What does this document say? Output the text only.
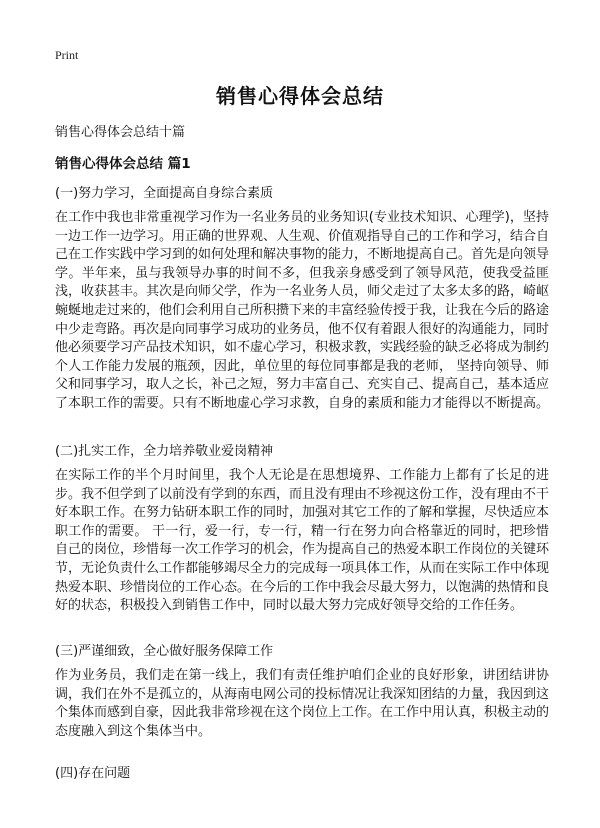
Print
销售心得体会总结

销售心得体会总结十篇

销售心得体会总结 篇1

(一)努力学习，全面提高自身综合素质

在工作中我也非常重视学习作为一名业务员的业务知识(专业技术知识、心理学)，坚持一边工作一边学习。用正确的世界观、人生观、价值观指导自己的工作和学习，结合自己在工作实践中学习到的如何处理和解决事物的能力，不断地提高自己。首先是向领导学。半年来，虽与我领导办事的时间不多，但我亲身感受到了领导风范，使我受益匪浅，收获甚丰。其次是向师父学，作为一名业务人员，师父走过了太多太多的路，崎岖蜿蜒地走过来的，他们会利用自己所积攒下来的丰富经验传授于我，让我在今后的路途中少走弯路。再次是向同事学习成功的业务员，他不仅有着跟人很好的沟通能力，同时他必须要学习产品技术知识，如不虚心学习，积极求教，实践经验的缺乏必将成为制约个人工作能力发展的瓶颈，因此，单位里的每位同事都是我的老师， 坚持向领导、师父和同事学习，取人之长，补己之短，努力丰富自己、充实自己、提高自己，基本适应了本职工作的需要。只有不断地虚心学习求教，自身的素质和能力才能得以不断提高。

(二)扎实工作，全力培养敬业爱岗精神

在实际工作的半个月时间里，我个人无论是在思想境界、工作能力上都有了长足的进步。我不但学到了以前没有学到的东西，而且没有理由不珍视这份工作，没有理由不干好本职工作。在努力钻研本职工作的同时，加强对其它工作的了解和掌握，尽快适应本职工作的需要。 干一行，爱一行，专一行，精一行在努力向合格靠近的同时，把珍惜自己的岗位，珍惜每一次工作学习的机会，作为提高自己的热爱本职工作岗位的关键环节，无论负责什么工作都能够竭尽全力的完成每一项具体工作，从而在实际工作中体现热爱本职、珍惜岗位的工作心态。在今后的工作中我会尽最大努力，以饱满的热情和良好的状态，积极投入到销售工作中，同时以最大努力完成好领导交给的工作任务。

(三)严谨细致，全心做好服务保障工作

作为业务员，我们走在第一线上，我们有责任维护咱们企业的良好形象，讲团结讲协调，我们在外不是孤立的，从海南电网公司的投标情况让我深知团结的力量，我因到这个集体而感到自豪，因此我非常珍视在这个岗位上工作。在工作中用认真，积极主动的态度融入到这个集体当中。

(四)存在问题
